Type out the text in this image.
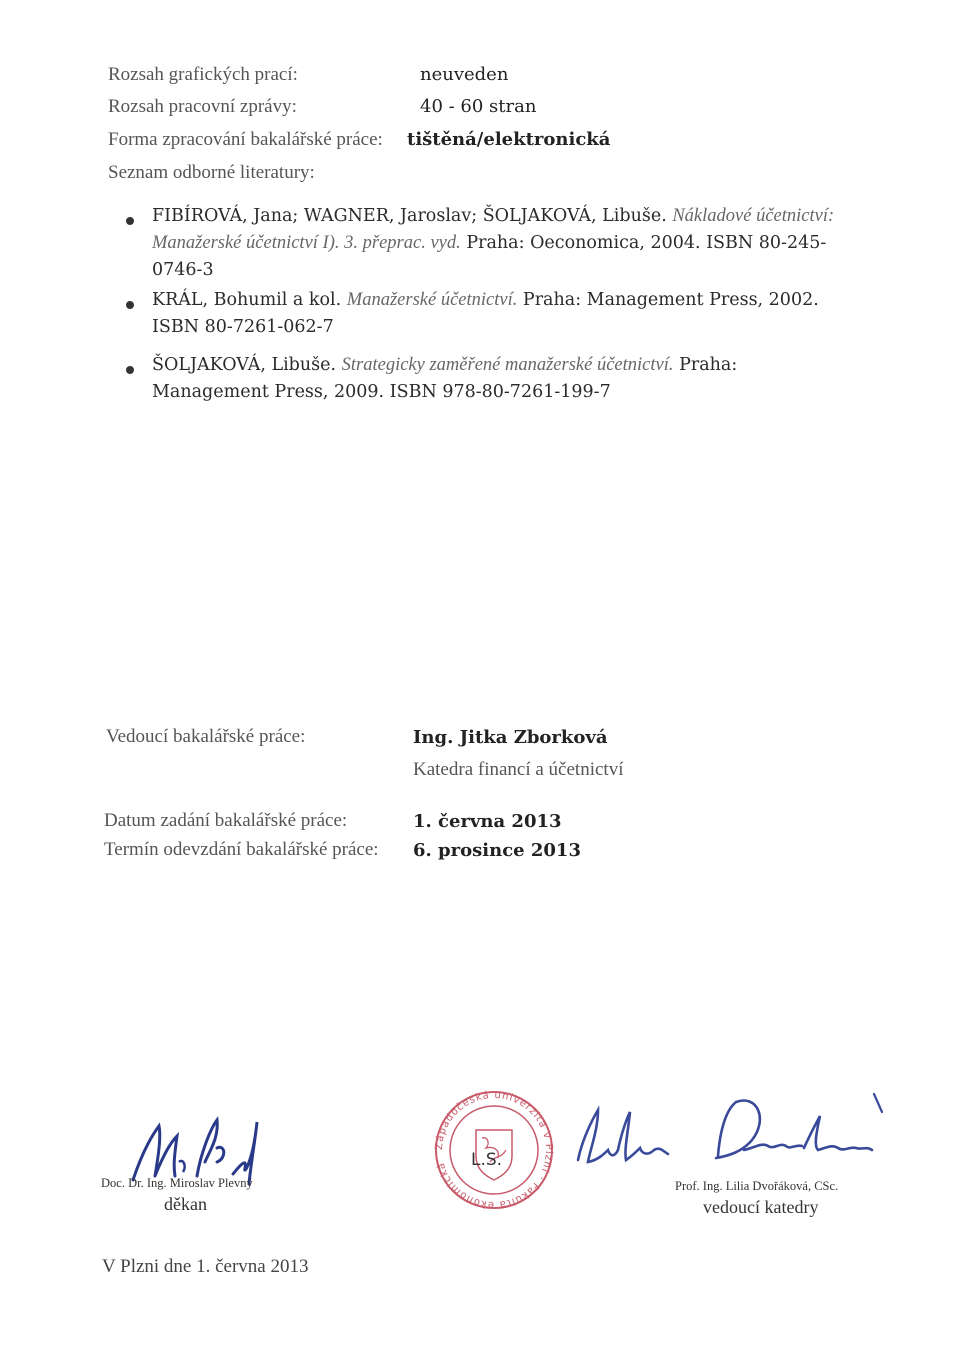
Rozsah grafických prací:	neuveden
Rozsah pracovní zprávy:	40 - 60 stran
Forma zpracování bakalářské práce: tištěná/elektronická
Seznam odborné literatury:
FIBÍROVÁ, Jana; WAGNER, Jaroslav; ŠOLJAKOVÁ, Libuše. Nákladové účetnictví: Manažerské účetnictví I). 3. přeprac. vyd. Praha: Oeconomica, 2004. ISBN 80-245-0746-3
KRÁL, Bohumil a kol. Manažerské účetnictví. Praha: Management Press, 2002. ISBN 80-7261-062-7
ŠOLJAKOVÁ, Libuše. Strategicky zaměřené manažerské účetnictví. Praha: Management Press, 2009. ISBN 978-80-7261-199-7
Vedoucí bakalářské práce:	Ing. Jitka Zborková
Katedra financí a účetnictví
Datum zadání bakalářské práce:	1. června 2013
Termín odevzdání bakalářské práce: 6. prosince 2013
Doc. Dr. Ing. Miroslav Plevný
děkan
Západočeská univerzita v Plzni · Fakulta ekonomická	L.S.
Prof. Ing. Lilia Dvořáková, CSc.
vedoucí katedry
V Plzni dne 1. června 2013
